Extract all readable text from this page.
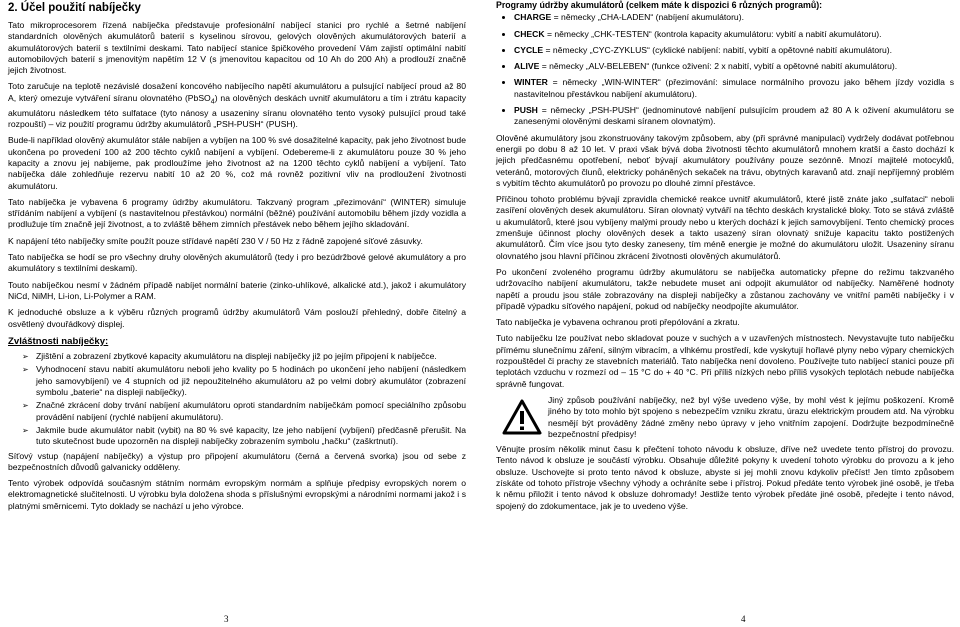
2. Účel použití nabíječky

Tato mikroprocesorem řízená nabíječka představuje profesionální nabíjecí stanici pro rychlé a šetrné nabíjení standardních olověných akumulátorů baterií s kyselinou sírovou, gelových olověných akumulátorových baterií a akumulátorových baterií s textilními deskami. Tato nabíjecí stanice špičkového provedení Vám zajistí optimální nabití automobilových baterií s jmenovitým napětím 12 V (s jmenovitou kapacitou od 10 Ah do 200 Ah) a prodlouží značně jejich životnost.

Toto zaručuje na teplotě nezávislé dosažení koncového nabíjecího napětí akumulátoru a pulsující nabíjecí proud až 80 A, který omezuje vytváření síranu olovnatého (PbSO$_4$) na olověných deskách uvnitř akumulátoru a tím i ztrátu kapacity akumulátoru následkem této sulfatace (tyto nánosy a usazeniny síranu olovnatého tento vysoký pulsující proud také rozpouští) – viz použití programu údržby akumulátorů „PSH-PUSH“ (PUSH).

Bude-li například olověný akumulátor stále nabíjen a vybíjen na 100 % své dosažitelné kapacity, pak jeho životnost bude ukončena po provedení 100 až 200 těchto cyklů nabíjení a vybíjení. Odebereme-li z akumulátoru pouze 30 % jeho kapacity a znovu jej nabijeme, pak prodloužíme jeho životnost až na 1200 těchto cyklů nabíjení a vybíjení. Tato nabíječka dále zohledňuje rezervu nabití 10 až 20 %, což má rovněž pozitivní vliv na prodloužení životnosti akumulátoru.

Tato nabíječka je vybavena 6 programy údržby akumulátoru. Takzvaný program „přezimování“ (WINTER) simuluje střídáním nabíjení a vybíjení (s nastavitelnou přestávkou) normální (běžné) používání automobilu během jízdy vozidla a prodlužuje tím značně její životnost, a to zvláště během zimních přestávek nebo během jejího skladování.

K napájení této nabíječky smíte použít pouze střídavé napětí 230 V / 50 Hz z řádně zapojené síťové zásuvky.

Tato nabíječka se hodí se pro všechny druhy olověných akumulátorů (tedy i pro bezúdržbové gelové akumulátory a pro akumulátory s textilními deskami).

Touto nabíječkou nesmí v žádném případě nabíjet normální baterie (zinko-uhlíkové, alkalické atd.), jakož i akumulátory NiCd, NiMH, Li-ion, Li-Polymer a RAM.

K jednoduché obsluze a k výběru různých programů údržby akumulátorů Vám poslouží přehledný, dobře čitelný a osvětlený dvouřádkový displej.

Zvláštnosti nabíječky:
➢ Zjištění a zobrazení zbytkové kapacity akumulátoru na displeji nabíječky již po jejím připojení k nabíječce.
➢ Vyhodnocení stavu nabití akumulátoru neboli jeho kvality po 5 hodinách po ukončení jeho nabíjení (následkem jeho samovybíjení) ve 4 stupních od již nepoužitelného akumulátoru až po velmi dobrý akumulátor (zobrazení symbolu „baterie“ na displeji nabíječky).
➢ Značné zkrácení doby trvání nabíjení akumulátoru oproti standardním nabíječkám pomocí speciálního způsobu provádění nabíjení (rychlé nabíjení akumulátoru).
➢ Jakmile bude akumulátor nabit (vybit) na 80 % své kapacity, lze jeho nabíjení (vybíjení) předčasně přerušit. Na tuto skutečnost bude upozorněn na displeji nabíječky zobrazením symbolu „hačku“ (zaškrtnutí).

Síťový vstup (napájení nabíječky) a výstup pro připojení akumulátoru (černá a červená svorka) jsou od sebe z bezpečnostních důvodů galvanicky odděleny.

Tento výrobek odpovídá současným státním normám evropským normám a splňuje předpisy evropských norem o elektromagnetické slučitelnosti. U výrobku byla doložena shoda s příslušnými evropskými a národními normami jakož i s platnými směrnicemi. Tyto doklady se nachází u jeho výrobce.

3
Programy údržby akumulátorů (celkem máte k dispozici 6 různých programů):
• CHARGE = německy „CHA-LADEN“ (nabíjení akumulátoru).
• CHECK = německy „CHK-TESTEN“ (kontrola kapacity akumulátoru: vybití a nabití akumulátoru).
• CYCLE = německy „CYC-ZYKLUS“ (cyklické nabíjení: nabití, vybití a opětovné nabití akumulátoru).
• ALIVE = německy „ALV-BELEBEN“ (funkce oživení: 2 x nabití, vybití a opětovné nabití akumulátoru).
• WINTER = německy „WIN-WINTER“ (přezimování: simulace normálního provozu jako během jízdy vozidla s nastavitelnou přestávkou nabíjení akumulátoru).
• PUSH = německy „PSH-PUSH“ (jednominutové nabíjení pulsujícím proudem až 80 A k oživení akumulátoru se zanesenými olověnými deskami síranem olovnatým).

Olověné akumulátory jsou zkonstruovány takovým způsobem, aby (při správné manipulaci) vydržely dodávat potřebnou energii po dobu 8 až 10 let. V praxi však bývá doba životnosti těchto akumulátorů mnohem kratší a často dochází k jejich předčasnému opotřebení, neboť bývají akumulátory používány pouze sezónně. Mnozí majitelé motocyklů, veteránů, motorových člunů, elektricky poháněných sekaček na trávu, obytných karavanů atd. znají nepříjemný problém s vybitím těchto akumulátorů po provozu po dlouhé zimní přestávce.

Příčinou tohoto problému bývají zpravidla chemické reakce uvnitř akumulátorů, které jistě znáte jako „sulfataci“ neboli zasíření olověných desek akumulátoru. Síran olovnatý vytváří na těchto deskách krystalické bloky. Toto se stává zvláště u akumulátorů, které jsou vybíjeny malými proudy nebo u kterých dochází k jejich samovybíjení. Tento chemický proces zmenšuje účinnost plochy olověných desek a takto usazený síran olovnatý snižuje kapacitu takto postižených akumulátorů. Čím více jsou tyto desky zaneseny, tím méně energie je možné do akumulátoru uložit. Usazeniny síranu olovnatého jsou hlavní příčinou zkrácení životnosti olověných akumulátorů.

Po ukončení zvoleného programu údržby akumulátoru se nabíječka automaticky přepne do režimu takzvaného udržovacího nabíjení akumulátoru, takže nebudete muset ani odpojit akumulátor od nabíječky. Naměřené hodnoty napětí a proudu jsou stále zobrazovány na displeji nabíječky a zůstanou zachovány ve vnitřní paměti nabíječky i v případě výpadku síťového napájení, pokud od nabíječky neodpojíte akumulátor.

Tato nabíječka je vybavena ochranou proti přepólování a zkratu.

Tuto nabíječku lze používat nebo skladovat pouze v suchých a v uzavřených místnostech. Nevystavujte tuto nabíječku přímému slunečnímu záření, silným vibracím, a vlhkému prostředí, kde vyskytují hořlavé plyny nebo výpary chemických rozpouštědel či prachy ze stavebních materiálů. Tato nabíječka není dovoleno. Používejte tuto nabíjecí stanici pouze při teplotách vzduchu v rozmezí od – 15 °C do + 40 °C. Při příliš nízkých nebo příliš vysokých teplotách nebude nabíječka správně fungovat.

Jiný způsob používání nabíječky, než byl výše uvedeno výše, by mohl vést k jejímu poškození. Kromě jiného by toto mohlo být spojeno s nebezpečím vzniku zkratu, úrazu elektrickým proudem atd. Na výrobku nesmějí být prováděny žádné změny nebo úpravy v jeho vnitřním zapojení. Dodržujte bezpodmínečně bezpečnostní předpisy!

Věnujte prosím několik minut času k přečtení tohoto návodu k obsluze, dříve než uvedete tento přístroj do provozu. Tento návod k obsluze je součástí výrobku. Obsahuje důležité pokyny k uvedení tohoto výrobku do provozu a k jeho obsluze. Uschovejte si proto tento návod k obsluze, abyste si jej mohli znovu kdykoliv přečíst! Jen tímto způsobem získáte od tohoto přístroje všechny výhody a ochráníte sebe i přístroj. Pokud předáte tento výrobek jiné osobě, je třeba k němu přiložit i tento návod k obsluze dohromady! Jestliže tento výrobek předáte jiné osobě, předejte i tento návod, spojený do zdokumentace, jak je to uvedeno výše.

4
